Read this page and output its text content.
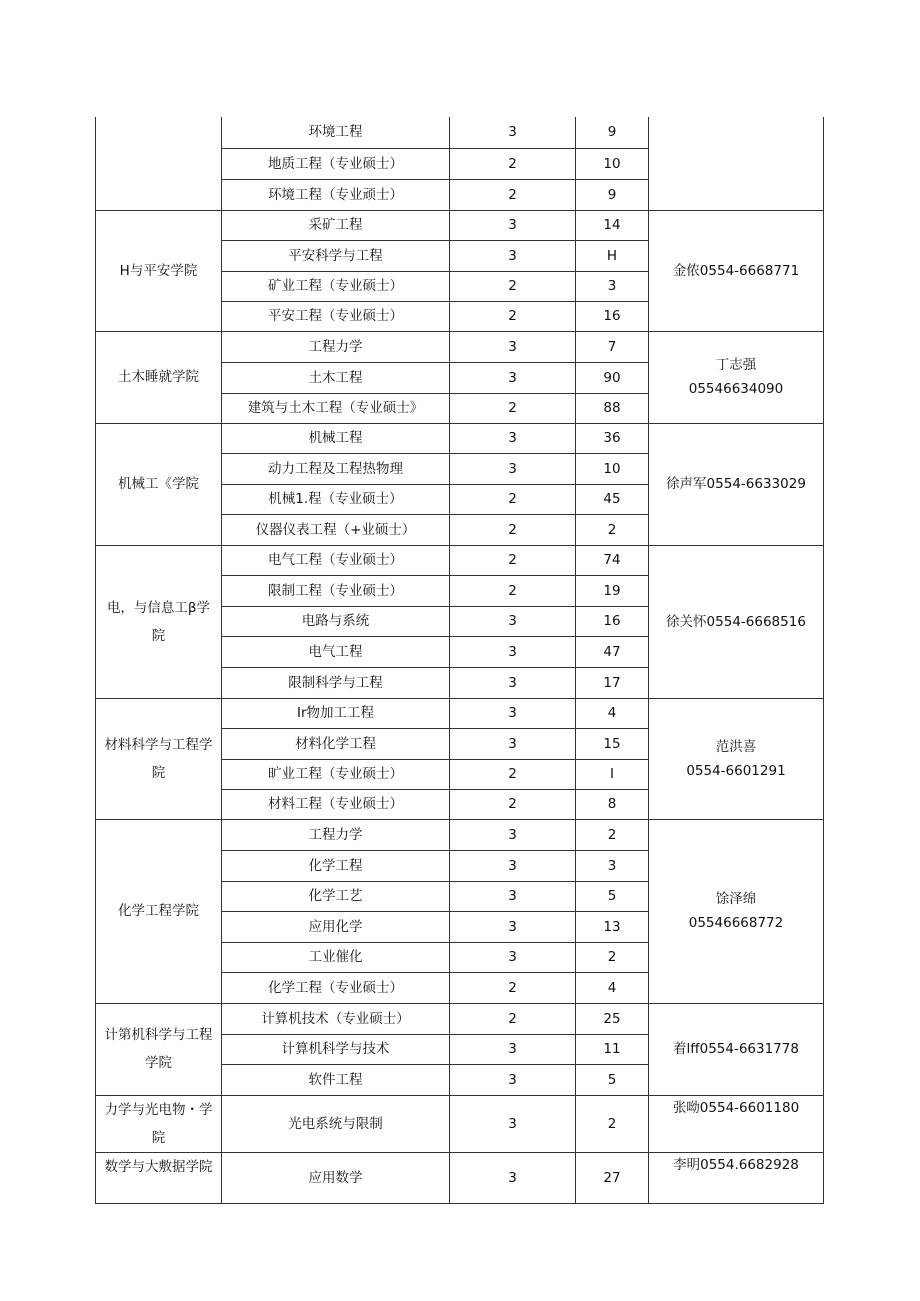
	环境工程	3	9	
	地质工程（专业硕士）	2	10	
	环境工程（专业顽士）	2	9	
H与平安学院	采矿工程	3	14	金侬0554-6668771
	平安科学与工程	3	H	
	矿业工程（专业硕士）	2	3	
	平安工程（专业硕士）	2	16	
土木睡就学院	工程力学	3	7	丁志强
05546634090
	土木工程	3	90	
	建筑与土木工程（专业硕士》	2	88	
机械工《学院	机械工程	3	36	徐声军0554-6633029
	动力工程及工程热物理	3	10	
	机械1.程（专业硕士）	2	45	
	仪器仪表工程（+业硕士）	2	2	
电，与信息工β学
院	电气工程（专业硕士）	2	74	徐关怀0554-6668516
	限制工程（专业硕士）	2	19	
	电路与系统	3	16	
	电气工程	3	47	
	限制科学与工程	3	17	
材料科学与工程学
院	Ir物加工工程	3	4	范洪喜
0554-6601291
	材料化学工程	3	15	
	旷业工程（专业硕士）	2	I	
	材料工程（专业硕士）	2	8	
化学工程学院	工程力学	3	2	馀泽绵
05546668772
	化学工程	3	3	
	化学工艺	3	5	
	应用化学	3	13	
	工业催化	3	2	
	化学工程（专业硕士）	2	4	
计第机科学与工程
学院	计算机技术（专业硕士）	2	25	着lff0554-6631778
	计算机科学与技术	3	11	
	软件工程	3	5	
力学与光电物・学
院	光电系统与限制	3	2	张呦0554-6601180
数学与大敷据学院	应用数学	3	27	李明0554.6682928
